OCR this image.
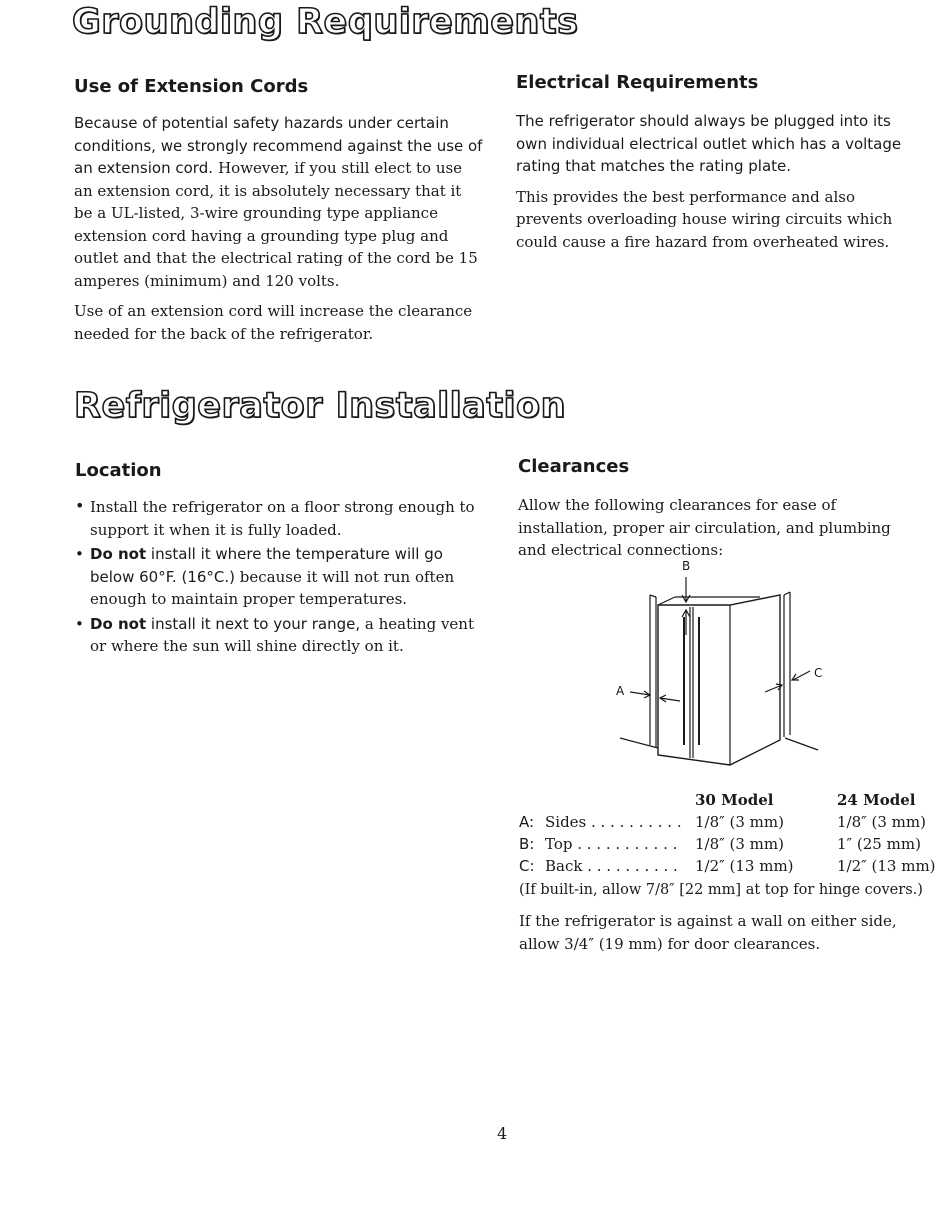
Grounding Requirements
Use of Extension Cords

Because of potential safety hazards under certain conditions, we strongly recommend against the use of an extension cord. However, if you still elect to use an extension cord, it is absolutely necessary that it be a UL-listed, 3-wire grounding type appliance extension cord having a grounding type plug and outlet and that the electrical rating of the cord be 15 amperes (minimum) and 120 volts.

Use of an extension cord will increase the clearance needed for the back of the refrigerator.

Electrical Requirements

The refrigerator should always be plugged into its own individual electrical outlet which has a voltage rating that matches the rating plate.

This provides the best performance and also prevents overloading house wiring circuits which could cause a fire hazard from overheated wires.

Refrigerator Installation
Location
• Install the refrigerator on a floor strong enough to support it when it is fully loaded.
• Do not install it where the temperature will go below 60°F. (16°C.) because it will not run often enough to maintain proper temperatures.
• Do not install it next to your range, a heating vent or where the sun will shine directly on it.
Clearances

Allow the following clearances for ease of installation, proper air circulation, and plumbing and electrical connections:

B
A
C
		30 Model	24 Model
A:	Sides . . . . . . . . . .	1/8″ (3 mm)	1/8″ (3 mm)
B:	Top . . . . . . . . . . .	1/8″ (3 mm)	1″ (25 mm)
C:	Back . . . . . . . . . .	1/2″ (13 mm)	1/2″ (13 mm)

(If built-in, allow 7/8″ [22 mm] at top for hinge covers.)

If the refrigerator is against a wall on either side, allow 3/4″ (19 mm) for door clearances.

4
